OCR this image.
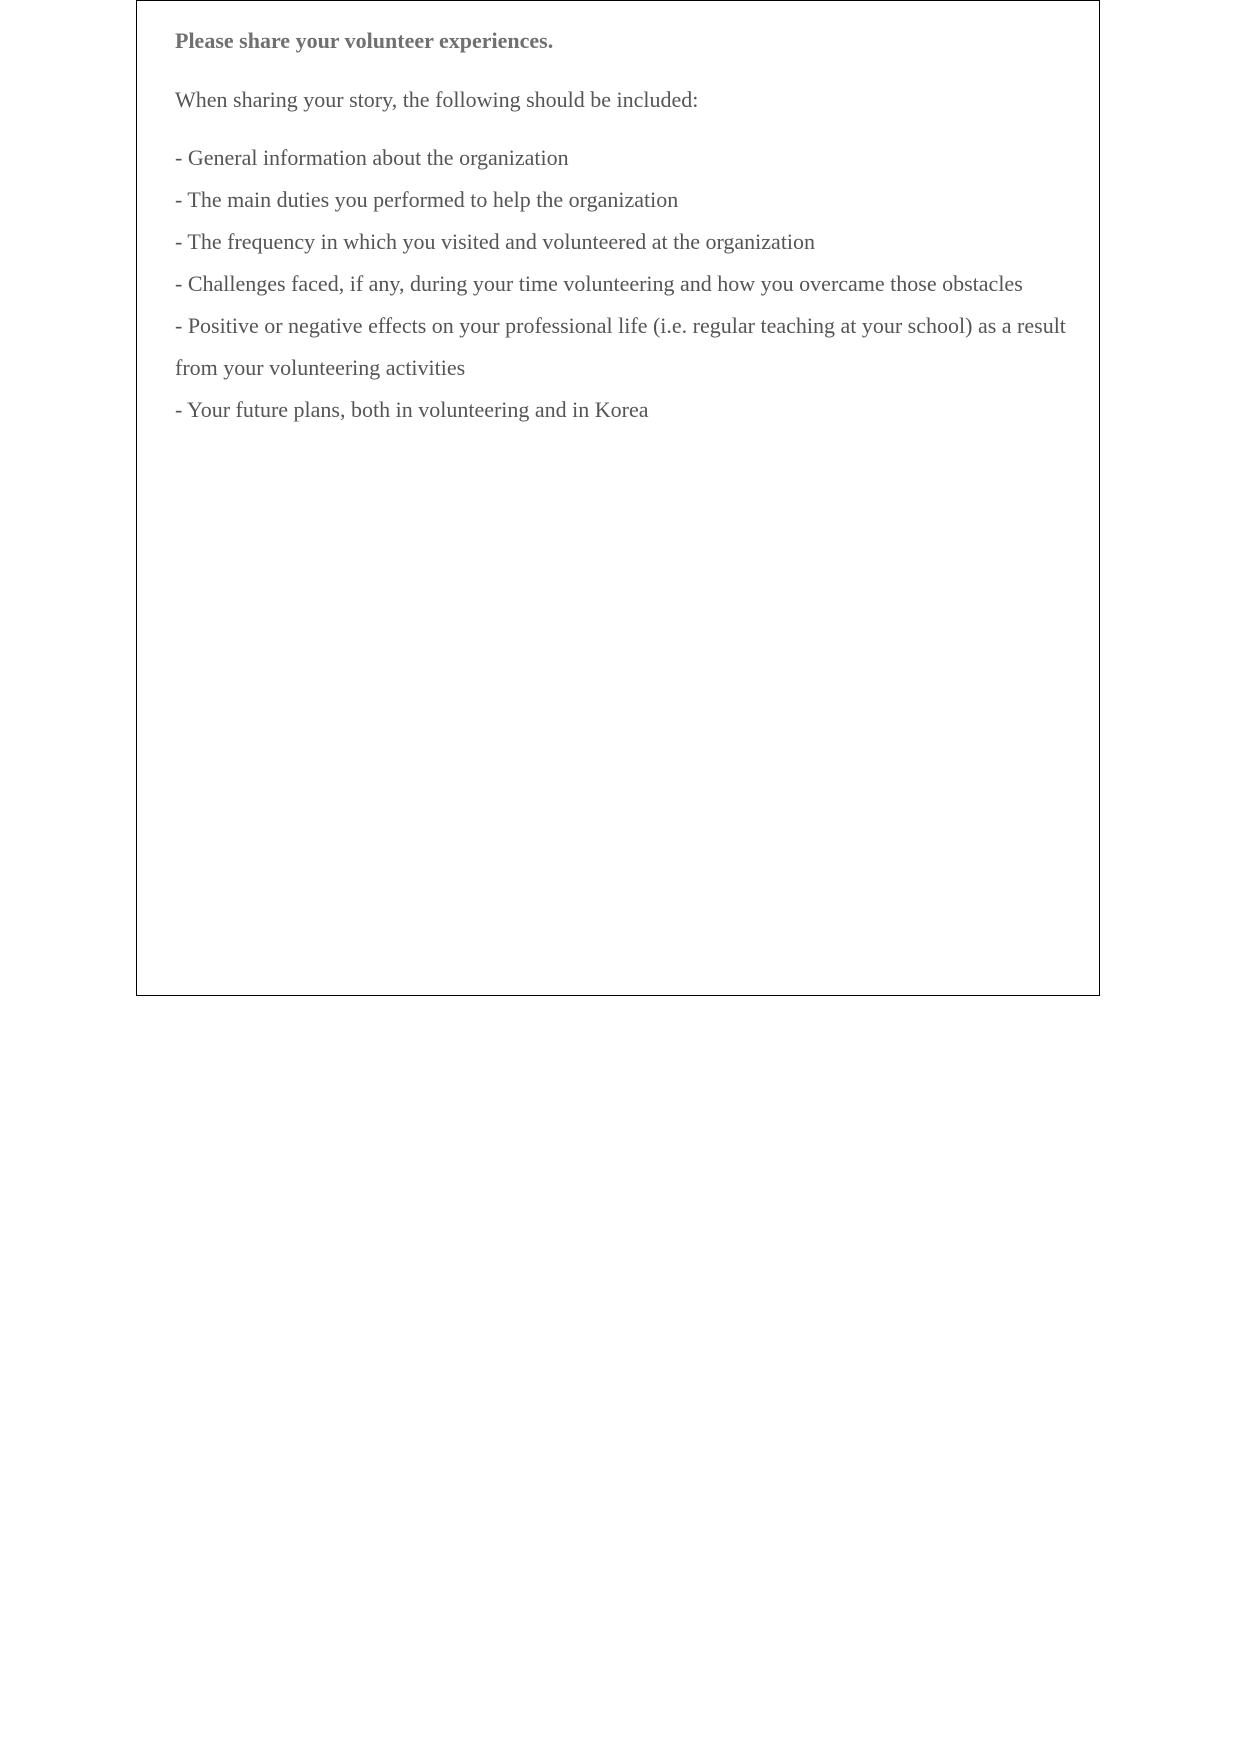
Please share your volunteer experiences.
When sharing your story, the following should be included:
- General information about the organization
- The main duties you performed to help the organization
- The frequency in which you visited and volunteered at the organization
- Challenges faced, if any, during your time volunteering and how you overcame those obstacles
- Positive or negative effects on your professional life (i.e. regular teaching at your school) as a result from your volunteering activities
- Your future plans, both in volunteering and in Korea
